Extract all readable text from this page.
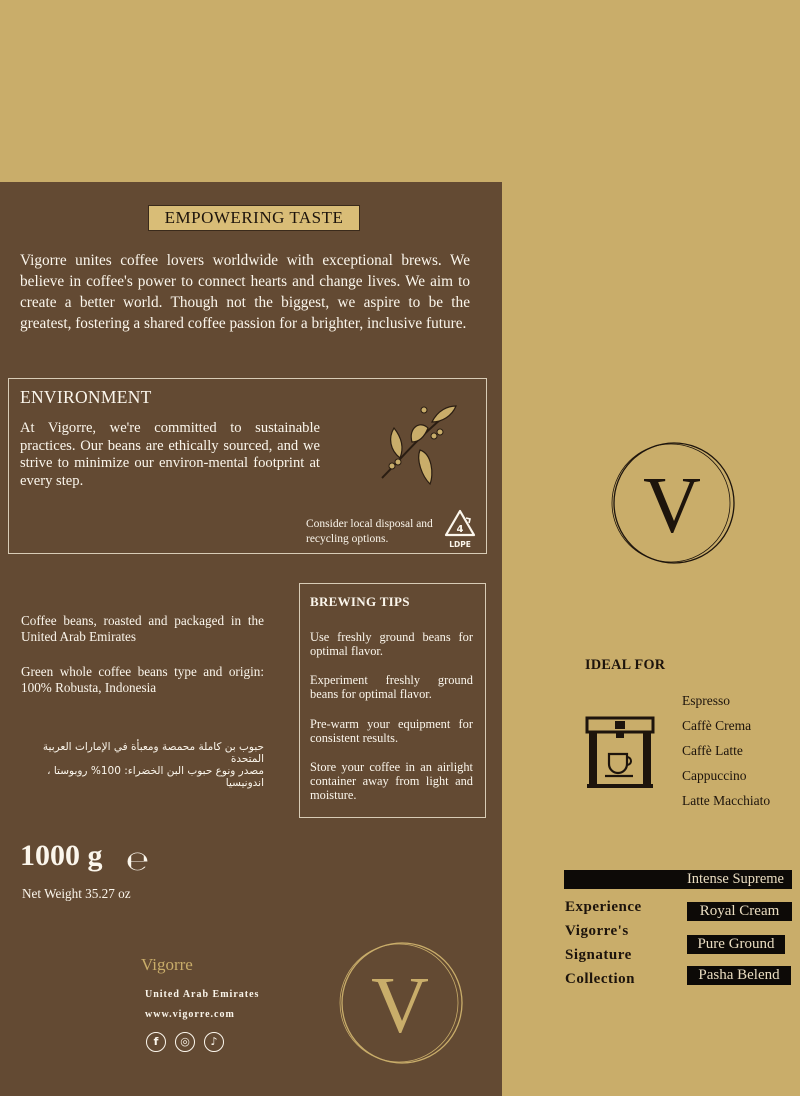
EMPOWERING TASTE
Vigorre unites coffee lovers worldwide with exceptional brews. We believe in coffee's power to connect hearts and change lives. We aim to create a better world. Though not the biggest, we aspire to be the greatest, fostering a shared coffee passion for a brighter, inclusive future.
ENVIRONMENT
At Vigorre, we're committed to sustainable practices. Our beans are ethically sourced, and we strive to minimize our environ-mental footprint at every step.
Consider local disposal and recycling options.
4
LDPE
Coffee beans, roasted and packaged in the United Arab Emirates
Green whole coffee beans type and origin: 100% Robusta, Indonesia
حبوب بن كاملة محمصة ومعبأة في الإمارات العربية المتحدة
مصدر ونوع حبوب البن الخضراء: 100% روبوستا ، اندونيسيا
BREWING TIPS
Use freshly ground beans for optimal flavor.
Experiment freshly ground beans for optimal flavor.
Pre-warm your equipment for consistent results.
Store your coffee in an airlight container away from light and moisture.
1000 g ℮
Net Weight 35.27 oz
Vigorre
United Arab Emirates
www.vigorre.com
f	◎	♪ V
V
IDEAL FOR
Espresso
Caffè Crema
Caffè Latte
Cappuccino
Latte Macchiato
Intense Supreme
Experience
Vigorre's
Signature
Collection
Royal Cream
Pure Ground
Pasha Belend
